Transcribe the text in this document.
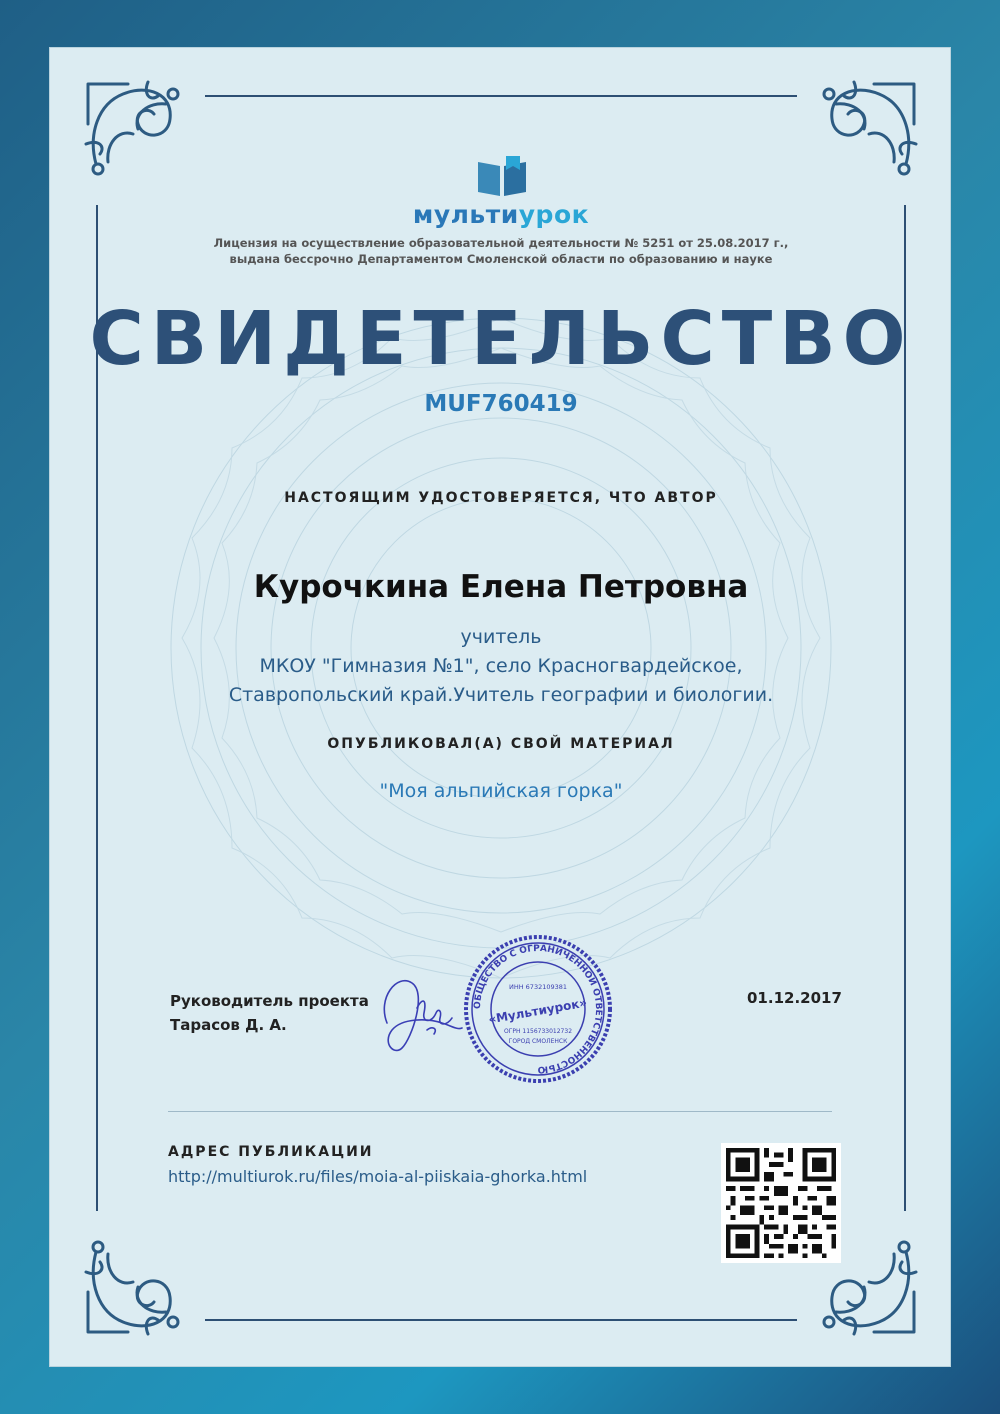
мультиурок
Лицензия на осуществление образовательной деятельности № 5251 от 25.08.2017 г.,
выдана бессрочно Департаментом Смоленской области по образованию и науке
СВИДЕТЕЛЬСТВО
MUF760419
НАСТОЯЩИМ УДОСТОВЕРЯЕТСЯ, ЧТО АВТОР
Курочкина Елена Петровна
учитель
МКОУ "Гимназия №1", село Красногвардейское,
Ставропольский край.Учитель географии и биологии.
ОПУБЛИКОВАЛ(А) СВОЙ МАТЕРИАЛ
"Моя альпийская горка"
Руководитель проекта
Тарасов Д. А.
ОБЩЕСТВО С ОГРАНИЧЕННОЙ ОТВЕТСТВЕННОСТЬЮ
ИНН 6732109381
«Мультиурок»
ОГРН 1156733012732
ГОРОД СМОЛЕНСК
01.12.2017
АДРЕС ПУБЛИКАЦИИ
http://multiurok.ru/files/moia-al-piiskaia-ghorka.html
